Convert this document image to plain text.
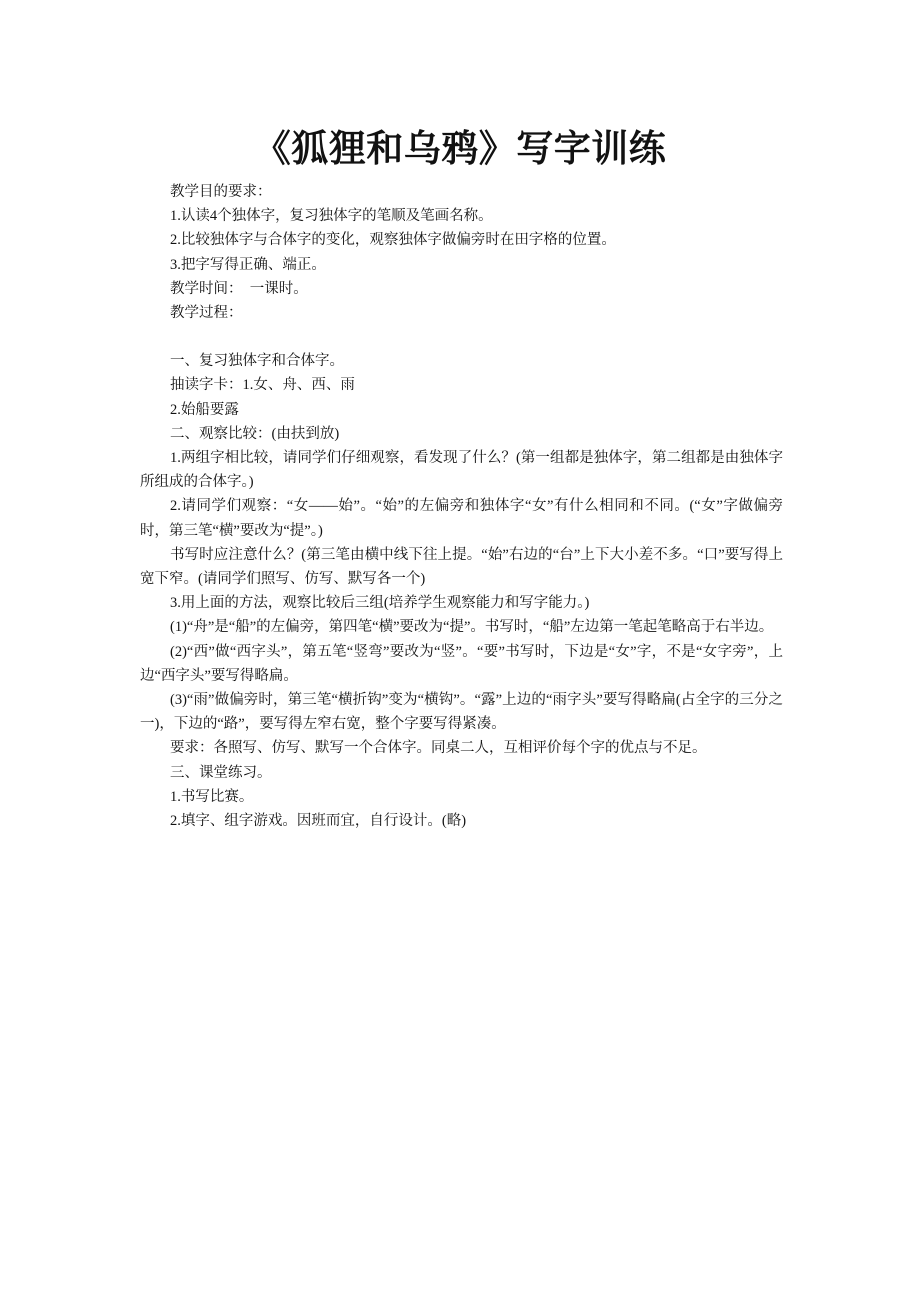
《狐狸和乌鸦》写字训练

教学目的要求：

1.认读4个独体字，复习独体字的笔顺及笔画名称。

2.比较独体字与合体字的变化，观察独体字做偏旁时在田字格的位置。

3.把字写得正确、端正。

教学时间：　一课时。

教学过程：

一、复习独体字和合体字。

抽读字卡：1.女、舟、西、雨

2.始船要露

二、观察比较：(由扶到放)

1.两组字相比较，请同学们仔细观察，看发现了什么？(第一组都是独体字，第二组都是由独体字所组成的合体字。)

2.请同学们观察：“女——始”。“始”的左偏旁和独体字“女”有什么相同和不同。(“女”字做偏旁时，第三笔“横”要改为“提”。)

书写时应注意什么？(第三笔由横中线下往上提。“始”右边的“台”上下大小差不多。“口”要写得上宽下窄。(请同学们照写、仿写、默写各一个)

3.用上面的方法，观察比较后三组(培养学生观察能力和写字能力。)

(1)“舟”是“船”的左偏旁，第四笔“横”要改为“提”。书写时，“船”左边第一笔起笔略高于右半边。

(2)“西”做“西字头”，第五笔“竖弯”要改为“竖”。“要”书写时，下边是“女”字，不是“女字旁”，上边“西字头”要写得略扁。

(3)“雨”做偏旁时，第三笔“横折钩”变为“横钩”。“露”上边的“雨字头”要写得略扁(占全字的三分之一)，下边的“路”，要写得左窄右宽，整个字要写得紧凑。

要求：各照写、仿写、默写一个合体字。同桌二人，互相评价每个字的优点与不足。

三、课堂练习。

1.书写比赛。

2.填字、组字游戏。因班而宜，自行设计。(略)
